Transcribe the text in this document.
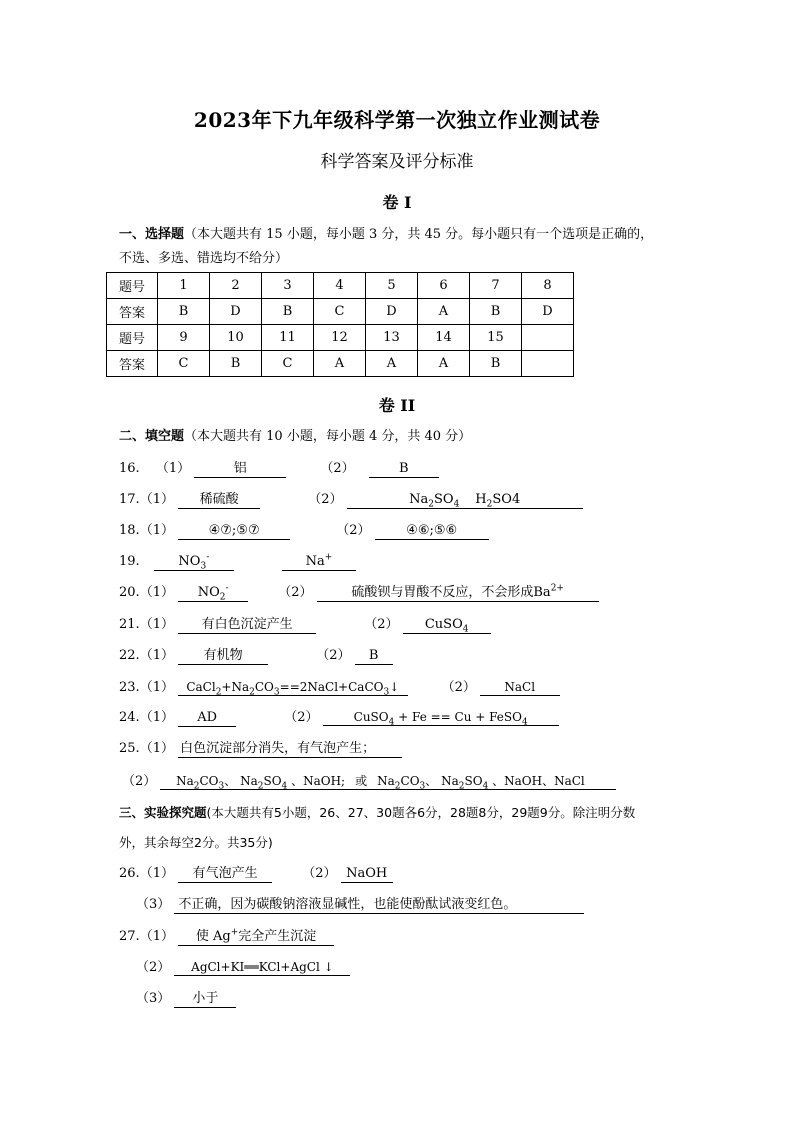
2023年下九年级科学第一次独立作业测试卷
科学答案及评分标准
卷 I
一、选择题（本大题共有 15 小题，每小题 3 分，共 45 分。每小题只有一个选项是正确的，
不选、多选、错选均不给分）
题号	1	2	3	4	5	6	7	8
答案	B	D	B	C	D	A	B	D
题号	9	10	11	12	13	14	15	
答案	C	B	C	A	A	A	B	
卷 II
二、填空题（本大题共有 10 小题，每小题 4 分，共 40 分）
16. （1）	铝	（2）	B
17.（1） 稀硫酸	（2）	$Na_2SO_4$ $H_2SO4$
18.（1）	④⑦;⑤⑦	（2）	④⑥;⑤⑥
19.	$NO_3^-$	Na+
20.（1） $NO_2^-$	（2）	硫酸钡与胃酸不反应，不会形成$Ba^{2+}$
21.（1） 有白色沉淀产生	（2） CuSO$_4$
22.（1） 有机物	（2） B
23.（1） $CaCl_2+Na_2CO_3==2NaCl+CaCO_3↓$	（2） NaCl
24.（1） AD	（2）	CuSO$_4$ + Fe == Cu + FeSO$_4$
25.（1） 白色沉淀部分消失，有气泡产生；
（2） $Na_2CO_3$、 $Na_2SO_4$ 、NaOH; 或 $Na_2CO_3$、 $Na_2SO_4$ 、NaOH、NaCl
三、实验探究题(本大题共有5小题，26、27、30题各6分，28题8分，29题9分。除注明分数
外，其余每空2分。共35分)
26.（1） 有气泡产生	（2） NaOH
（3） 不正确，因为碳酸钠溶液显碱性，也能使酚酞试液变红色。
27.（1） 使 Ag+完全产生沉淀
（2） AgCl+KI══KCl+AgCl ↓
（3） 小于
